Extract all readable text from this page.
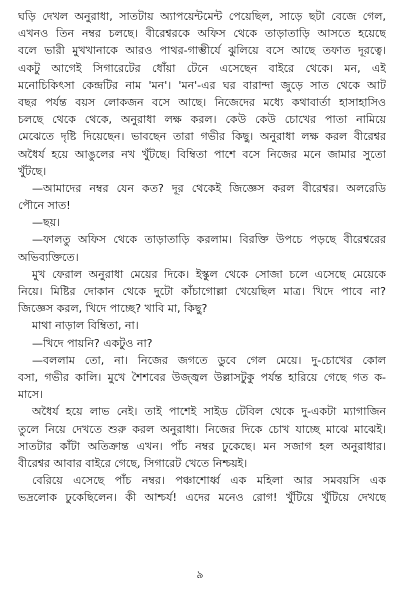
ঘড়ি দেখল অনুরাধা, সাতটায় অ্যাপয়েন্টমেন্ট পেয়েছিল, সাড়ে ছটা বেজে গেল,
এখনও তিন নম্বর চলছে। বীরেশ্বরকে অফিস থেকে তাড়াতাড়ি আসতে হয়েছে
বলে ভারী মুখখানাকে আরও পাথর-গাম্ভীর্যে ঝুলিয়ে বসে আছে তফাত দূরত্বে।
একটু আগেই সিগারেটের ধোঁয়া টেনে এসেছেন বাইরে থেকে। মন, এই
মনোচিকিৎসা কেন্দ্রটির নাম 'মন'। 'মন'-এর ঘর বারান্দা জুড়ে সাত থেকে আট
বছর পর্যন্ত বয়স লোকজন বসে আছে। নিজেদের মধ্যে কথাবার্তা হাসাহাসিও
চলছে থেকে থেকে, অনুরাধা লক্ষ করল। কেউ কেউ চোখের পাতা নামিয়ে
মেঝেতে দৃষ্টি দিয়েছেন। ভাবছেন তারা গভীর কিছু। অনুরাধা লক্ষ করল বীরেশ্বর
অধৈর্য হয়ে আঙুলের নখ খুঁটছে। বিম্বিতা পাশে বসে নিজের মনে জামার সুতো
খুঁটছে।
—আমাদের নম্বর যেন কত? দূর থেকেই জিজ্ঞেস করল বীরেশ্বর। অলরেডি
পৌনে সাত!
—ছয়।
—ফালতু অফিস থেকে তাড়াতাড়ি করলাম। বিরক্তি উপচে পড়ছে বীরেশ্বরের
অভিব্যক্তিতে।
মুখ ফেরাল অনুরাধা মেয়ের দিকে। ইস্কুল থেকে সোজা চলে এসেছে মেয়েকে
নিয়ে। মিষ্টির দোকান থেকে দুটো কাঁচাগোল্লা খেয়েছিল মাত্র। খিদে পাবে না?
জিজ্ঞেস করল, খিদে পাচ্ছে? খাবি মা, কিছু?
মাথা নাড়াল বিম্বিতা, না।
—খিদে পায়নি? একটুও না?
—বললাম তো, না। নিজের জগতে ডুবে গেল মেয়ে। দু-চোখের কোল
বসা, গভীর কালি। মুখে শৈশবের উজ্জ্বল উল্লাসটুকু পর্যন্ত হারিয়ে গেছে গত ক-
মাসে।
অধৈর্য হয়ে লাভ নেই। তাই পাশেই সাইড টেবিল থেকে দু-একটা ম্যাগাজিন
তুলে নিয়ে দেখতে শুরু করল অনুরাধা। নিজের দিকে চোখ যাচ্ছে মাঝে মাঝেই।
সাতটার কাঁটা অতিক্রান্ত এখন। পাঁচ নম্বর ঢুকেছে। মন সজাগ হল অনুরাধার।
বীরেশ্বর আবার বাইরে গেছে, সিগারেট খেতে নিশ্চয়ই।
বেরিয়ে এসেছে পাঁচ নম্বর। পঞ্চাশোর্ধ্ব এক মহিলা আর সমবয়সি এক
ভদ্রলোক ঢুকেছিলেন। কী আশ্চর্য! এদের মনেও রোগ! খুঁটিয়ে খুঁটিয়ে দেখছে
৯
